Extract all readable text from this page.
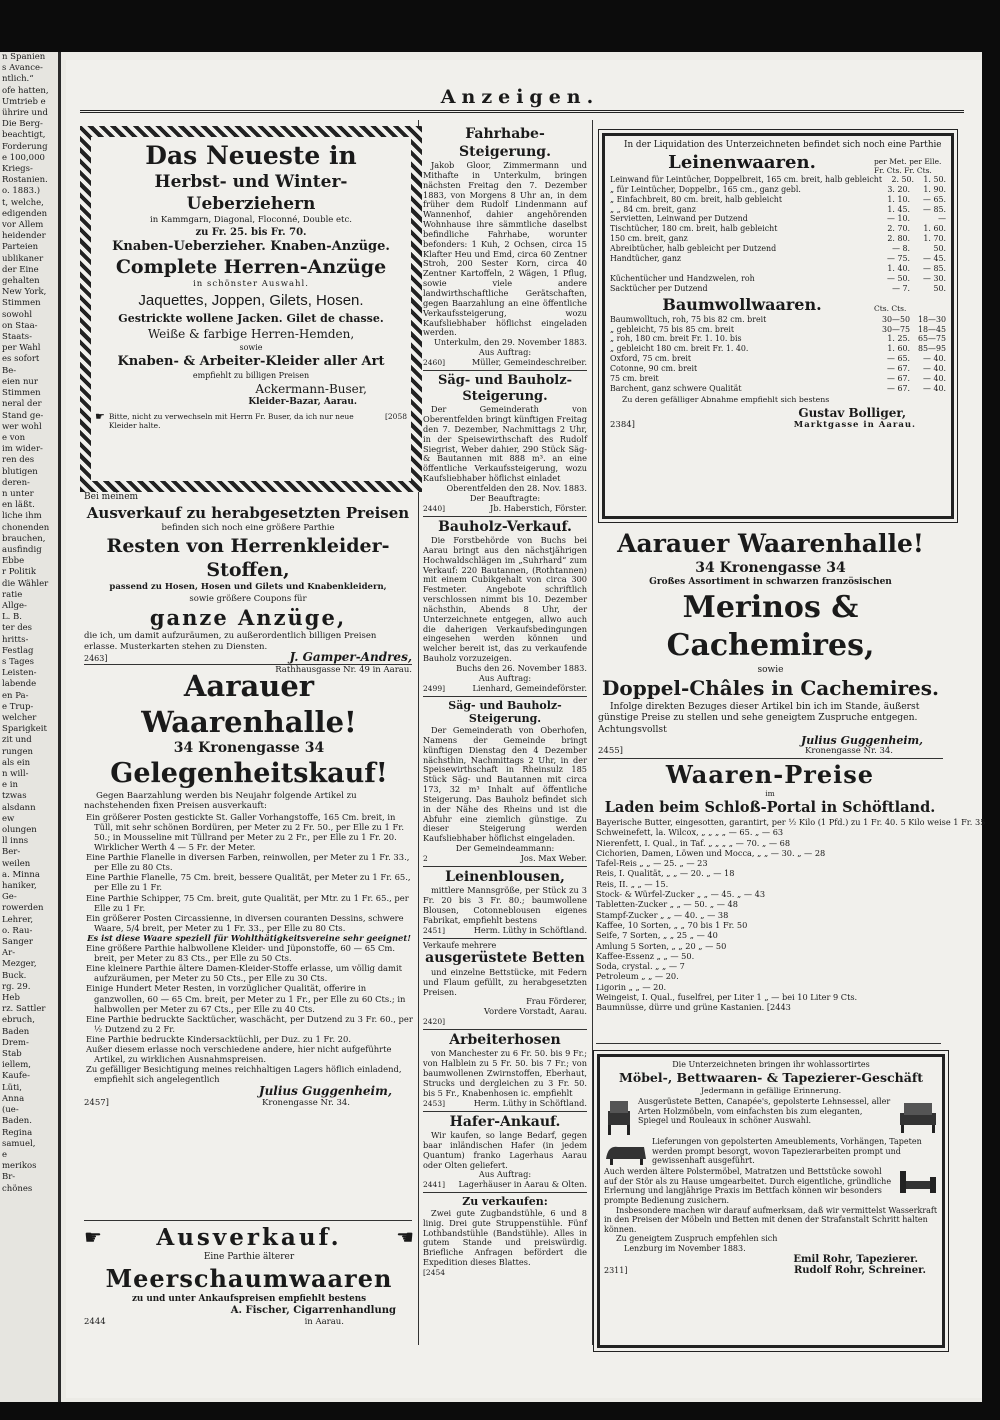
n Spanien
s Avance-
ntlich.“
ofe hatten,
Umtrieb e
ührire und
Die Berg-
beachtigt,
Forderung
e 100,000
Kriegs-
Rostanien.
o. 1883.)
t, welche,
edigenden
vor Allem
heidender
Parteien
ublikaner
der Eine
gehalten
New York,
Stimmen
sowohl
on Staa-
Staats-
per Wahl
es sofort
Be-
eien nur
Stimmen
neral der
Stand ge-
wer wohl
e von
im wider-
ren des
blutigen
deren-
n unter
en läßt.
liche ihm
chonenden
brauchen,
ausfindig
Ebbe
r Politik
die Wähler
ratie
Allge-
L. B.
ter des
hritts-
Festlag
s Tages
Leisten-
labende
en Pa-
e Trup-
welcher
Sparigkeit
zit und
rungen
als ein
n will-
e in
tzwas
alsdann
ew
olungen
ll inns
Ber-
weilen
a. Minna
haniker,
Ge-
rowerden
Lehrer,
o. Rau-
Sanger
Ar-
Mezger,
Buck.
rg. 29.
Heb
rz. Sattler
ebruch,
Baden
Drem-
Stab
iellem,
Kaufe-
Lüti,
Anna
(ue-
Baden.
Regina
samuel,
e
merikos
Br-
chönes
Anzeigen.
Das Neueste in
Herbst- und Winter-Ueberziehern
in Kammgarn, Diagonal, Floconné, Double etc.
zu Fr. 25. bis Fr. 70.
Knaben-Ueberzieher. Knaben-Anzüge.
Complete Herren-Anzüge
in schönster Auswahl.
Jaquettes, Joppen, Gilets, Hosen.
Gestrickte wollene Jacken. Gilet de chasse.
Weiße & farbige Herren-Hemden,
sowie
Knaben- & Arbeiter-Kleider aller Art
empfiehlt zu billigen Preisen
Ackermann-Buser,
Kleider-Bazar, Aarau.
☛ Bitte, nicht zu verwechseln mit Herrn Fr. Buser, da ich nur neue Kleider halte.
[2058
Bei meinem
Ausverkauf zu herabgesetzten Preisen
befinden sich noch eine größere Parthie
Resten von Herrenkleider-Stoffen,
passend zu Hosen, Hosen und Gilets und Knabenkleidern,
sowie größere Coupons für
ganze Anzüge,
die ich, um damit aufzuräumen, zu außerordentlich billigen Preisen erlasse. Musterkarten stehen zu Diensten.
2463]	J. Gamper-Andres,
Rathhausgasse Nr. 49 in Aarau.
Aarauer Waarenhalle!
34 Kronengasse 34
Gelegenheitskauf!
Gegen Baarzahlung werden bis Neujahr folgende Artikel zu nachstehenden fixen Preisen ausverkauft:
Ein größerer Posten gestickte St. Galler Vorhangstoffe, 165 Cm. breit, in Tüll, mit sehr schönen Bordüren, per Meter zu 2 Fr. 50., per Elle zu 1 Fr. 50.; in Mousseline mit Tüllrand per Meter zu 2 Fr., per Elle zu 1 Fr. 20. Wirklicher Werth 4 — 5 Fr. der Meter.
Eine Parthie Flanelle in diversen Farben, reinwollen, per Meter zu 1 Fr. 33., per Elle zu 80 Cts.
Eine Parthie Flanelle, 75 Cm. breit, bessere Qualität, per Meter zu 1 Fr. 65., per Elle zu 1 Fr.
Eine Parthie Schipper, 75 Cm. breit, gute Qualität, per Mtr. zu 1 Fr. 65., per Elle zu 1 Fr.
Ein größerer Posten Circassienne, in diversen couranten Dessins, schwere Waare, 5/4 breit, per Meter zu 1 Fr. 33., per Elle zu 80 Cts.
Es ist diese Waare speziell für Wohlthätigkeitsvereine sehr geeignet!
Eine größere Parthie halbwollene Kleider- und Jüponstoffe, 60 — 65 Cm. breit, per Meter zu 83 Cts., per Elle zu 50 Cts.
Eine kleinere Parthie ältere Damen-Kleider-Stoffe erlasse, um völlig damit aufzuräumen, per Meter zu 50 Cts., per Elle zu 30 Cts.
Einige Hundert Meter Resten, in vorzüglicher Qualität, offerire in ganzwollen, 60 — 65 Cm. breit, per Meter zu 1 Fr., per Elle zu 60 Cts.; in halbwollen per Meter zu 67 Cts., per Elle zu 40 Cts.
Eine Parthie bedruckte Sacktücher, waschächt, per Dutzend zu 3 Fr. 60., per ½ Dutzend zu 2 Fr.
Eine Parthie bedruckte Kindersacktüchli, per Duz. zu 1 Fr. 20.
Außer diesem erlasse noch verschiedene andere, hier nicht aufgeführte Artikel, zu wirklichen Ausnahmspreisen.
Zu gefälliger Besichtigung meines reichhaltigen Lagers höflich einladend, empfiehlt sich angelegentlich
Julius Guggenheim,
2457]	Kronengasse Nr. 34.
☛ Ausverkauf.	☚
Eine Parthie älterer
Meerschaumwaaren
zu und unter Ankaufspreisen empfiehlt bestens
A. Fischer, Cigarrenhandlung
2444	in Aarau.
Fahrhabe-Steigerung.
Jakob Gloor, Zimmermann und Mithafte in Unterkulm, bringen nächsten Freitag den 7. Dezember 1883, von Morgens 8 Uhr an, in dem früher dem Rudolf Lindenmann auf Wannenhof, dahier angehörenden Wohnhause ihre sämmtliche daselbst befindliche Fahrhabe, worunter befonders: 1 Kuh, 2 Ochsen, circa 15 Klafter Heu und Emd, circa 60 Zentner Stroh, 200 Sester Korn, circa 40 Zentner Kartoffeln, 2 Wägen, 1 Pflug, sowie viele andere landwirthschaftliche Gerätschaften, gegen Baarzahlung an eine öffentliche Verkaufssteigerung, wozu Kaufsliebhaber höflichst eingeladen werden.
Unterkulm, den 29. November 1883.
Aus Auftrag:
2460]	Müller, Gemeindeschreiber.
Säg- und Bauholz-Steigerung.
Der Gemeinderath von Oberentfelden bringt künftigen Freitag den 7. Dezember, Nachmittags 2 Uhr, in der Speisewirthschaft des Rudolf Siegrist, Weber dahier, 290 Stück Säg- & Bautannen mit 888 m³. an eine öffentliche Verkaufssteigerung, wozu Kaufsliebhaber höflichst einladet
Oberentfelden den 28. Nov. 1883.
Der Beauftragte:
2440]	Jb. Haberstich, Förster.
Bauholz-Verkauf.
Die Forstbehörde von Buchs bei Aarau bringt aus den nächstjährigen Hochwaldschlägen im „Suhrhard“ zum Verkauf: 220 Bautannen, (Rothtannen) mit einem Cubikgehalt von circa 300 Festmeter. Angebote schriftlich verschlossen nimmt bis 10. Dezember nächsthin, Abends 8 Uhr, der Unterzeichnete entgegen, allwo auch die daherigen Verkaufsbedingungen eingesehen werden können und welcher bereit ist, das zu verkaufende Bauholz vorzuzeigen.
Buchs den 26. November 1883.
Aus Auftrag:
2499]	Lienhard, Gemeindeförster.
Säg- und Bauholz-Steigerung.
Der Gemeinderath von Oberhofen, Namens der Gemeinde bringt künftigen Dienstag den 4 Dezember nächsthin, Nachmittags 2 Uhr, in der Speisewirthschaft in Rheinsulz 185 Stück Säg- und Bautannen mit circa 173, 32 m³ Inhalt auf öffentliche Steigerung. Das Bauholz befindet sich in der Nähe des Rheins und ist die Abfuhr eine ziemlich günstige. Zu dieser Steigerung werden Kaufsliebhaber höflichst eingeladen.
Der Gemeindeammann:
2	Jos. Max Weber.
Leinenblousen,
mittlere Mannsgröße, per Stück zu 3 Fr. 20 bis 3 Fr. 80.; baumwollene Blousen, Cotonneblousen eigenes Fabrikat, empfiehlt bestens
2451]	Herm. Lüthy in Schöftland.
Verkaufe mehrere
ausgerüstete Betten
und einzelne Bettstücke, mit Federn und Flaum gefüllt, zu herabgesetzten Preisen.
Frau Förderer,
Vordere Vorstadt, Aarau.
2420]
Arbeiterhosen
von Manchester zu 6 Fr. 50. bis 9 Fr.; von Halblein zu 5 Fr. 50. bis 7 Fr.; von baumwollenen Zwirnstoffen, Eberhaut, Strucks und dergleichen zu 3 Fr. 50. bis 5 Fr., Knabenhosen ic. empfiehlt
2453]	Herm. Lüthy in Schöftland.
Hafer-Ankauf.
Wir kaufen, so lange Bedarf, gegen baar inländischen Hafer (in jedem Quantum) franko Lagerhaus Aarau oder Olten geliefert.
Aus Auftrag:
2441] Lagerhäuser in Aarau & Olten.
Zu verkaufen:
Zwei gute Zugbandstühle, 6 und 8 linig. Drei gute Struppenstühle. Fünf Lothbandstühle (Bandstühle). Alles in gutem Stande und preiswürdig. Briefliche Anfragen befördert die Expedition dieses Blattes.
[2454
In der Liquidation des Unterzeichneten befindet sich noch eine Parthie
Leinenwaaren.	per Met. per Elle.
Fr. Cts. Fr. Cts.
Leinwand für Leintücher, Doppelbreit, 165 cm. breit, halb gebleicht	2. 50.	1. 50.
„ für Leintücher, Doppelbr., 165 cm., ganz gebl.	3. 20.	1. 90.
„ Einfachbreit, 80 cm. breit, halb gebleicht	1. 10.	— 65.
„ „ 84 cm. breit, ganz	1. 45.	— 85.
Servietten, Leinwand per Dutzend	— 10.	—
Tischtücher, 180 cm. breit, halb gebleicht	2. 70.	1. 60.
150 cm. breit, ganz	2. 80.	1. 70.
Abreibtücher, halb gebleicht per Dutzend	— 8.	50.
Handtücher, ganz	— 75.	— 45.
1. 40.	— 85.
Küchentücher und Handzwelen, roh	— 50.	— 30.
Sacktücher per Dutzend	— 7.	50.
Baumwollwaaren.	Cts. Cts.
Baumwolltuch, roh, 75 bis 82 cm. breit	30—50	18—30
„ gebleicht, 75 bis 85 cm. breit	30—75	18—45
„ roh, 180 cm. breit Fr. 1. 10. bis	1. 25.	65—75
„ gebleicht 180 cm. breit Fr. 1. 40.	1. 60.	85—95
Oxford, 75 cm. breit	— 65.	— 40.
Cotonne, 90 cm. breit	— 67.	— 40.
75 cm. breit	— 67.	— 40.
Barchent, ganz schwere Qualität	— 67.	— 40.
Zu deren gefälliger Abnahme empfiehlt sich bestens
Gustav Bolliger,
2384]	Marktgasse in Aarau.
Aarauer Waarenhalle!
34 Kronengasse 34
Großes Assortiment in schwarzen französischen
Merinos & Cachemires,
sowie
Doppel-Châles in Cachemires.
Infolge direkten Bezuges dieser Artikel bin ich im Stande, äußerst günstige Preise zu stellen und sehe geneigtem Zuspruche entgegen. Achtungsvollst
Julius Guggenheim,
2455]	Kronengasse Nr. 34.
Waaren-Preise
im
Laden beim Schloß-Portal in Schöftland.
Bayerische Butter, eingesotten, garantirt, per ½ Kilo (1 Pfd.) zu 1 Fr. 40. 5 Kilo weise 1 Fr. 35
Schweinefett, la. Wilcox, „ „ „ „ — 65. „ — 63
Nierenfett, I. Qual., in Taf. „ „ „ „ — 70. „ — 68
Cichorien, Damen, Löwen und Mocca, „ „ — 30. „ — 28
Tafel-Reis „ „ — 25. „ — 23
Reis, I. Qualität, „ „ — 20. „ — 18
Reis, II. „ „ — 15.
Stock- & Würfel-Zucker „ „ — 45. „ — 43
Tabletten-Zucker „ „ — 50. „ — 48
Stampf-Zucker „ „ — 40. „ — 38
Kaffee, 10 Sorten, „ „ 70 bis 1 Fr. 50
Seife, 7 Sorten, „ „ 25 „ — 40
Amlung 5 Sorten, „ „ 20 „ — 50
Kaffee-Essenz „ „ — 50.
Soda, crystal. „ „ — 7
Petroleum „ „ — 20.
Ligorin „ „ — 20.
Weingeist, I. Qual., fuselfrei, per Liter 1 „ — bei 10 Liter 9 Cts.
Baumnüsse, dürre und grüne Kastanien. [2443
Die Unterzeichneten bringen ihr wohlassortirtes
Möbel-, Bettwaaren- & Tapezierer-Geschäft
Jedermann in gefällige Erinnerung.
Ausgerüstete Betten, Canapée's, gepolsterte Lehnsessel, aller Arten Holzmöbeln, vom einfachsten bis zum eleganten, Spiegel und Rouleaux in schöner Auswahl.
Lieferungen von gepolsterten Ameublements, Vorhängen, Tapeten werden prompt besorgt, wovon Tapezierarbeiten prompt und gewissenhaft ausgeführt.
Auch werden ältere Polstermöbel, Matratzen und Bettstücke sowohl auf der Stör als zu Hause umgearbeitet. Durch eigentliche, gründliche Erlernung und langjährige Praxis im Bettfach können wir besonders prompte Bedienung zusichern.
Insbesondere machen wir darauf aufmerksam, daß wir vermittelst Wasserkraft in den Preisen der Möbeln und Betten mit denen der Strafanstalt Schritt halten können.
Zu geneigtem Zuspruch empfehlen sich
Lenzburg im November 1883.
Emil Rohr, Tapezierer.
2311]	Rudolf Rohr, Schreiner.
